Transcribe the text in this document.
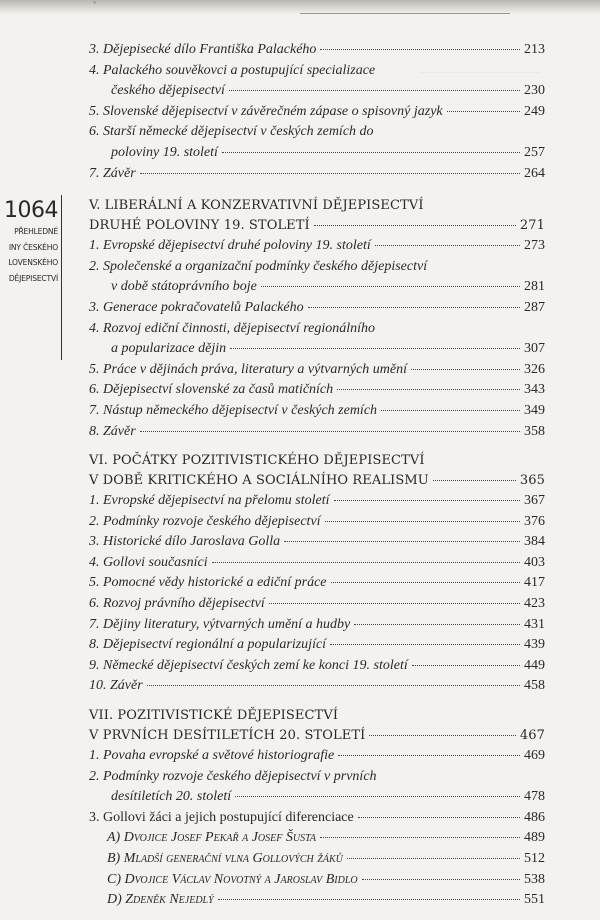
ˇ
1064
PŘEHLEDNÉ
INY ČESKÉHO
LOVENSKÉHO
DĚJEPISECTVÍ
3. Dějepisecké dílo Františka Palackého	213
4. Palackého souvěkovci a postupující specializace
českého dějepisectví	230
5. Slovenské dějepisectví v závěrečném zápase o spisovný jazyk	249
6. Starší německé dějepisectví v českých zemích do
poloviny 19. století	257
7. Závěr	264
V. LIBERÁLNÍ A KONZERVATIVNÍ DĚJEPISECTVÍ
DRUHÉ POLOVINY 19. STOLETÍ	271
1. Evropské dějepisectví druhé poloviny 19. století	273
2. Společenské a organizační podmínky českého dějepisectví
v době státoprávního boje	281
3. Generace pokračovatelů Palackého	287
4. Rozvoj ediční činnosti, dějepisectví regionálního
a popularizace dějin	307
5. Práce v dějinách práva, literatury a výtvarných umění	326
6. Dějepisectví slovenské za časů matičních	343
7. Nástup německého dějepisectví v českých zemích	349
8. Závěr	358
VI. POČÁTKY POZITIVISTICKÉHO DĚJEPISECTVÍ
V DOBĚ KRITICKÉHO A SOCIÁLNÍHO REALISMU	365
1. Evropské dějepisectví na přelomu století	367
2. Podmínky rozvoje českého dějepisectví	376
3. Historické dílo Jaroslava Golla	384
4. Gollovi současníci	403
5. Pomocné vědy historické a ediční práce	417
6. Rozvoj právního dějepisectví	423
7. Dějiny literatury, výtvarných umění a hudby	431
8. Dějepisectví regionální a popularizující	439
9. Německé dějepisectví českých zemí ke konci 19. století	449
10. Závěr	458
VII. POZITIVISTICKÉ DĚJEPISECTVÍ
V PRVNÍCH DESÍTILETÍCH 20. STOLETÍ	467
1. Povaha evropské a světové historiografie	469
2. Podmínky rozvoje českého dějepisectví v prvních
desítiletích 20. století	478
3. Gollovi žáci a jejich postupující diferenciace	486
A) Dvojice Josef Pekař a Josef Šusta	489
B) Mladší generační vlna Gollových žáků	512
C) Dvojice Václav Novotný a Jaroslav Bidlo	538
D) Zdeněk Nejedlý	551
